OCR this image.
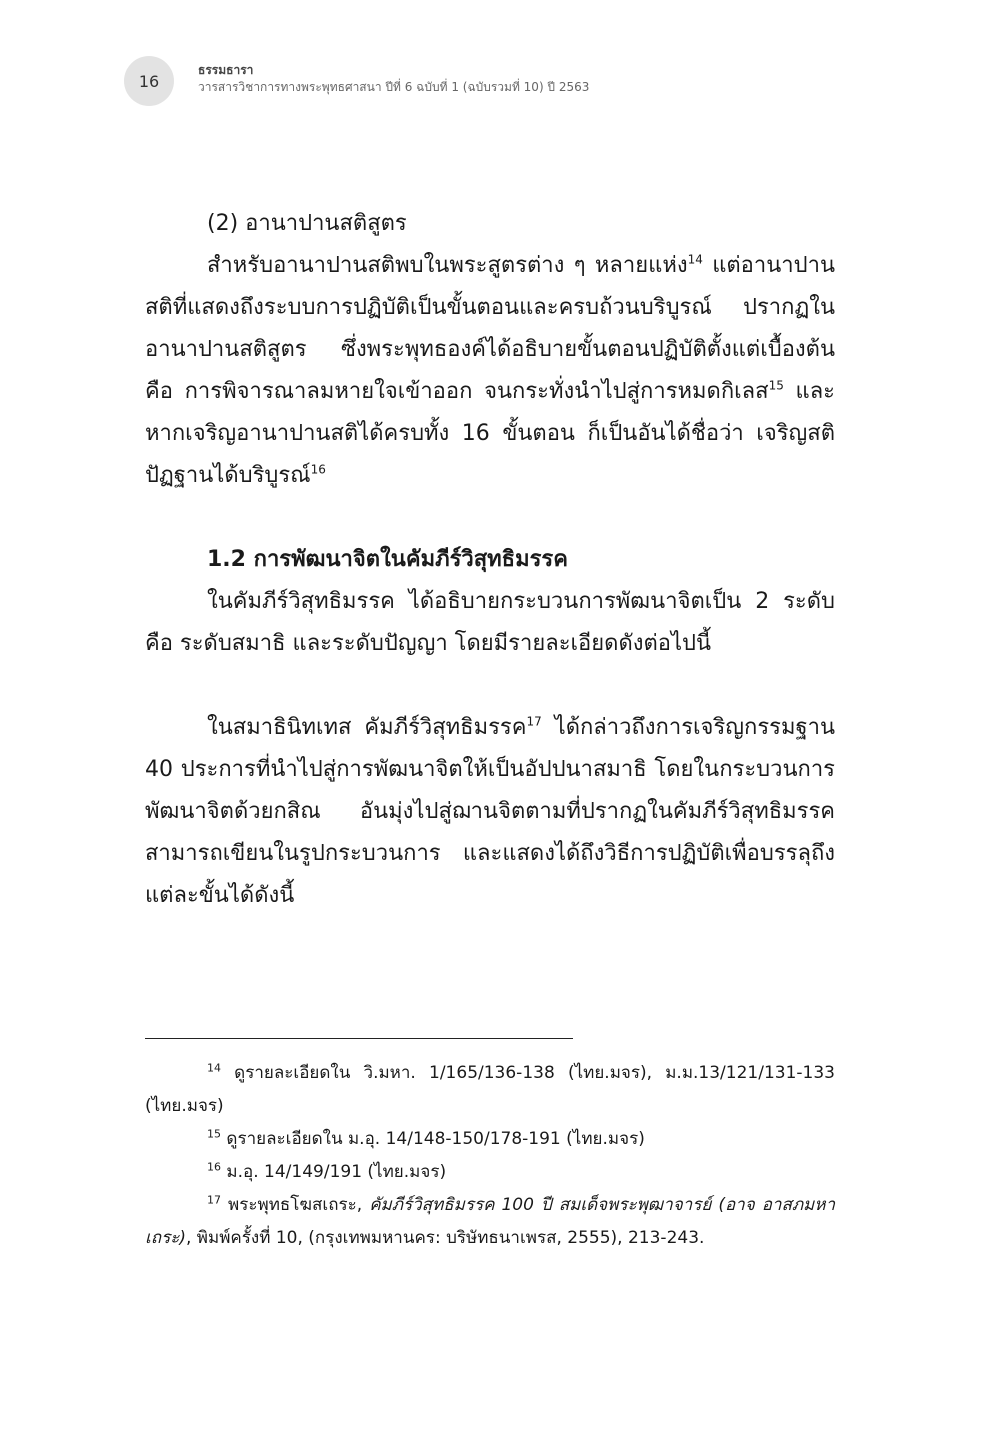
16
ธรรมธารา
วารสารวิชาการทางพระพุทธศาสนา ปีที่ 6 ฉบับที่ 1 (ฉบับรวมที่ 10) ปี 2563

(2) อานาปานสติสูตร

สำหรับอานาปานสติพบในพระสูตรต่าง ๆ หลายแห่ง$^{14}$ แต่อานาปานสติที่แสดงถึงระบบการปฏิบัติเป็นขั้นตอนและครบถ้วนบริบูรณ์ ปรากฏในอานาปานสติสูตร ซึ่งพระพุทธองค์ได้อธิบายขั้นตอนปฏิบัติตั้งแต่เบื้องต้น คือ การพิจารณาลมหายใจเข้าออก จนกระทั่งนำไปสู่การหมดกิเลส$^{15}$ และหากเจริญอานาปานสติได้ครบทั้ง 16 ขั้นตอน ก็เป็นอันได้ชื่อว่า เจริญสติปัฏฐานได้บริบูรณ์$^{16}$

1.2 การพัฒนาจิตในคัมภีร์วิสุทธิมรรค

ในคัมภีร์วิสุทธิมรรค ได้อธิบายกระบวนการพัฒนาจิตเป็น 2 ระดับ คือ ระดับสมาธิ และระดับปัญญา โดยมีรายละเอียดดังต่อไปนี้

ในสมาธินิทเทส คัมภีร์วิสุทธิมรรค$^{17}$ ได้กล่าวถึงการเจริญกรรมฐาน 40 ประการที่นำไปสู่การพัฒนาจิตให้เป็นอัปปนาสมาธิ โดยในกระบวนการพัฒนาจิตด้วยกสิณ อันมุ่งไปสู่ฌานจิตตามที่ปรากฏในคัมภีร์วิสุทธิมรรค สามารถเขียนในรูปกระบวนการ และแสดงได้ถึงวิธีการปฏิบัติเพื่อบรรลุถึงแต่ละขั้นได้ดังนี้

$^{14}$ ดูรายละเอียดใน วิ.มหา. 1/165/136-138 (ไทย.มจร), ม.ม.13/121/131-133 (ไทย.มจร)

$^{15}$ ดูรายละเอียดใน ม.อุ. 14/148-150/178-191 (ไทย.มจร)

$^{16}$ ม.อุ. 14/149/191 (ไทย.มจร)

$^{17}$ พระพุทธโฆสเถระ, คัมภีร์วิสุทธิมรรค 100 ปี สมเด็จพระพุฒาจารย์ (อาจ อาสภมหาเถระ), พิมพ์ครั้งที่ 10, (กรุงเทพมหานคร: บริษัทธนาเพรส, 2555), 213-243.
